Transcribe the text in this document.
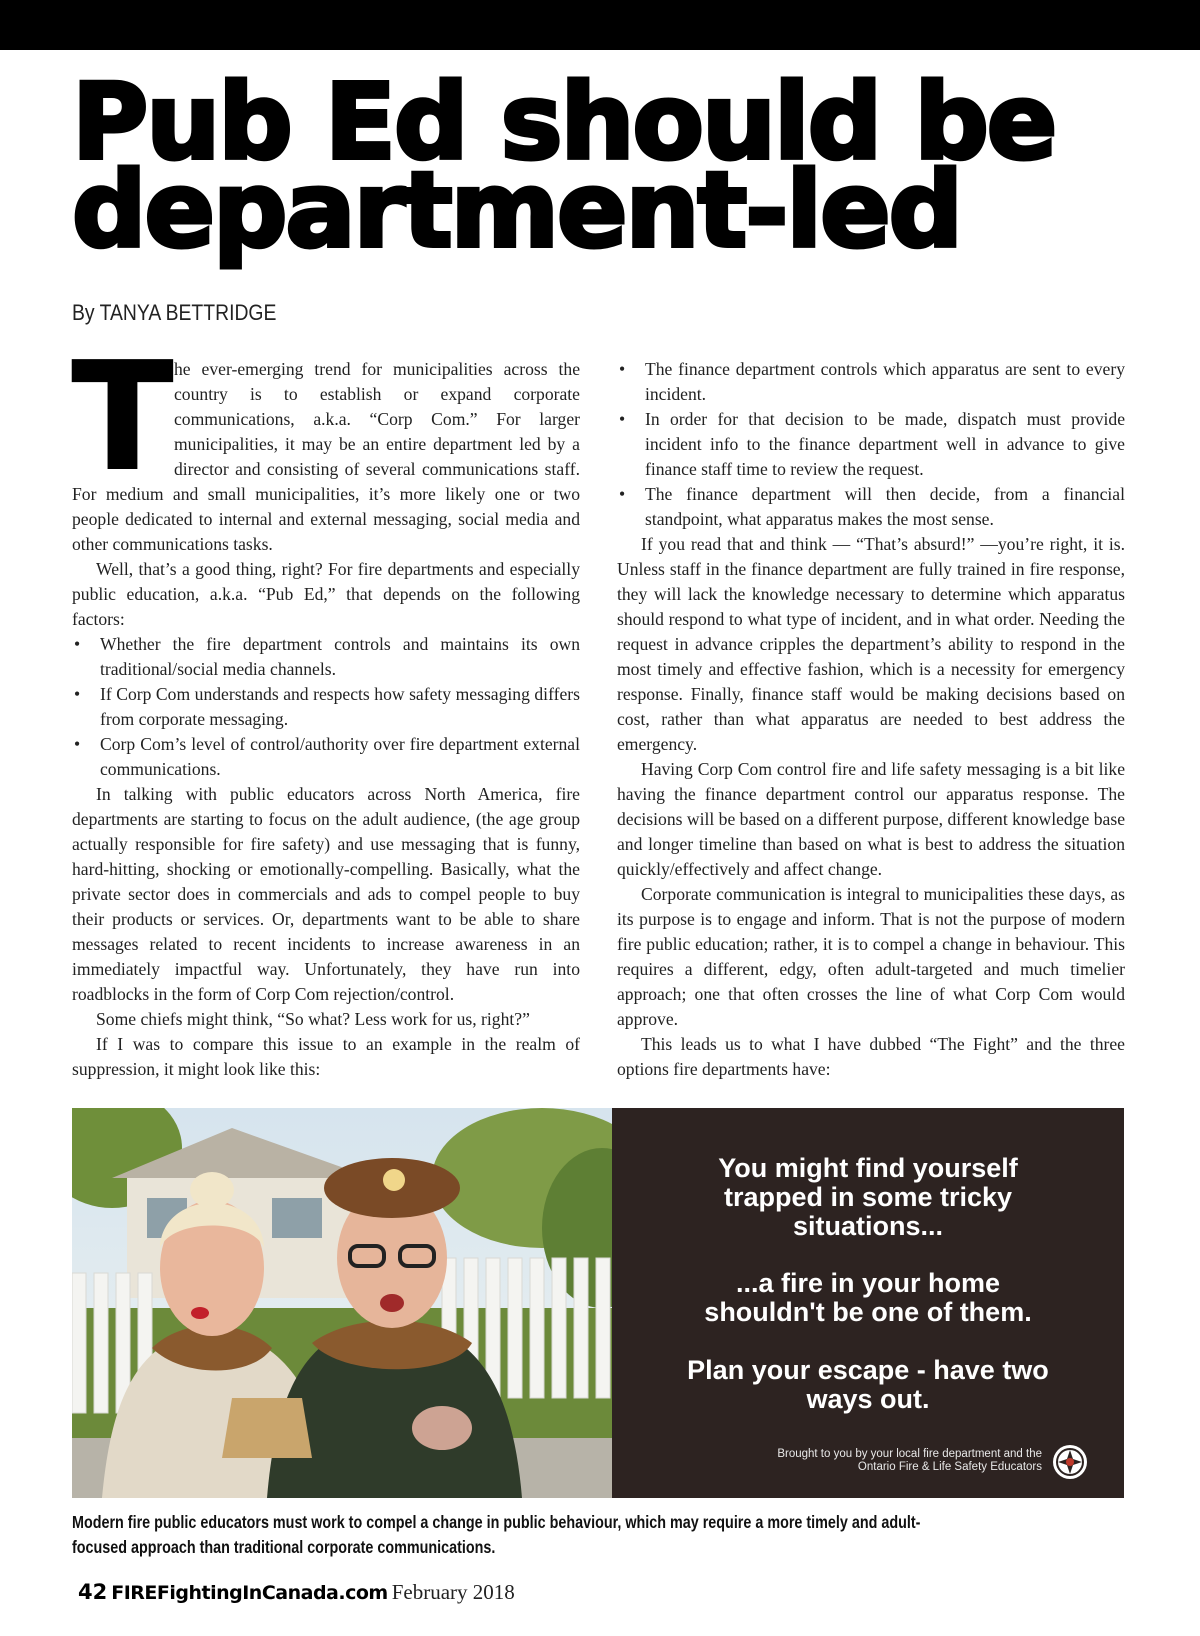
Pub Ed should be
department-led
By TANYA BETTRIDGE
T he ever-emerging trend for municipalities across the country is to establish or expand corporate communications, a.k.a. “Corp Com.” For larger municipalities, it may be an entire department led by a director and consisting of several communications staff. For medium and small municipalities, it’s more likely one or two people dedicated to internal and external messaging, social media and other communications tasks.

Well, that’s a good thing, right? For fire departments and especially public education, a.k.a. “Pub Ed,” that depends on the following factors:

• Whether the fire department controls and maintains its own traditional/social media channels.
• If Corp Com understands and respects how safety messaging differs from corporate messaging.
• Corp Com’s level of control/authority over fire department external communications.

In talking with public educators across North America, fire departments are starting to focus on the adult audience, (the age group actually responsible for fire safety) and use messaging that is funny, hard-hitting, shocking or emotionally-compelling. Basically, what the private sector does in commercials and ads to compel people to buy their products or services. Or, departments want to be able to share messages related to recent incidents to increase awareness in an immediately impactful way. Unfortunately, they have run into roadblocks in the form of Corp Com rejection/control.

Some chiefs might think, “So what? Less work for us, right?”

If I was to compare this issue to an example in the realm of suppression, it might look like this:

• The finance department controls which apparatus are sent to every incident.
• In order for that decision to be made, dispatch must provide incident info to the finance department well in advance to give finance staff time to review the request.
• The finance department will then decide, from a financial standpoint, what apparatus makes the most sense.

If you read that and think — “That’s absurd!” —you’re right, it is. Unless staff in the finance department are fully trained in fire response, they will lack the knowledge necessary to determine which apparatus should respond to what type of incident, and in what order. Needing the request in advance cripples the department’s ability to respond in the most timely and effective fashion, which is a necessity for emergency response. Finally, finance staff would be making decisions based on cost, rather than what apparatus are needed to best address the emergency.

Having Corp Com control fire and life safety messaging is a bit like having the finance department control our apparatus response. The decisions will be based on a different purpose, different knowledge base and longer timeline than based on what is best to address the situation quickly/effectively and affect change.

Corporate communication is integral to municipalities these days, as its purpose is to engage and inform. That is not the purpose of modern fire public education; rather, it is to compel a change in behaviour. This requires a different, edgy, often adult-targeted and much timelier approach; one that often crosses the line of what Corp Com would approve.

This leads us to what I have dubbed “The Fight” and the three options fire departments have:

You might find yourself
trapped in some tricky
situations...
...a fire in your home
shouldn't be one of them.
Plan your escape - have two
ways out.
Brought to you by your local fire department and the
Ontario Fire & Life Safety Educators
Modern fire public educators must work to compel a change in public behaviour, which may require a more timely and adult-focused approach than traditional corporate communications.
42 FIREFightingInCanada.com February 2018
